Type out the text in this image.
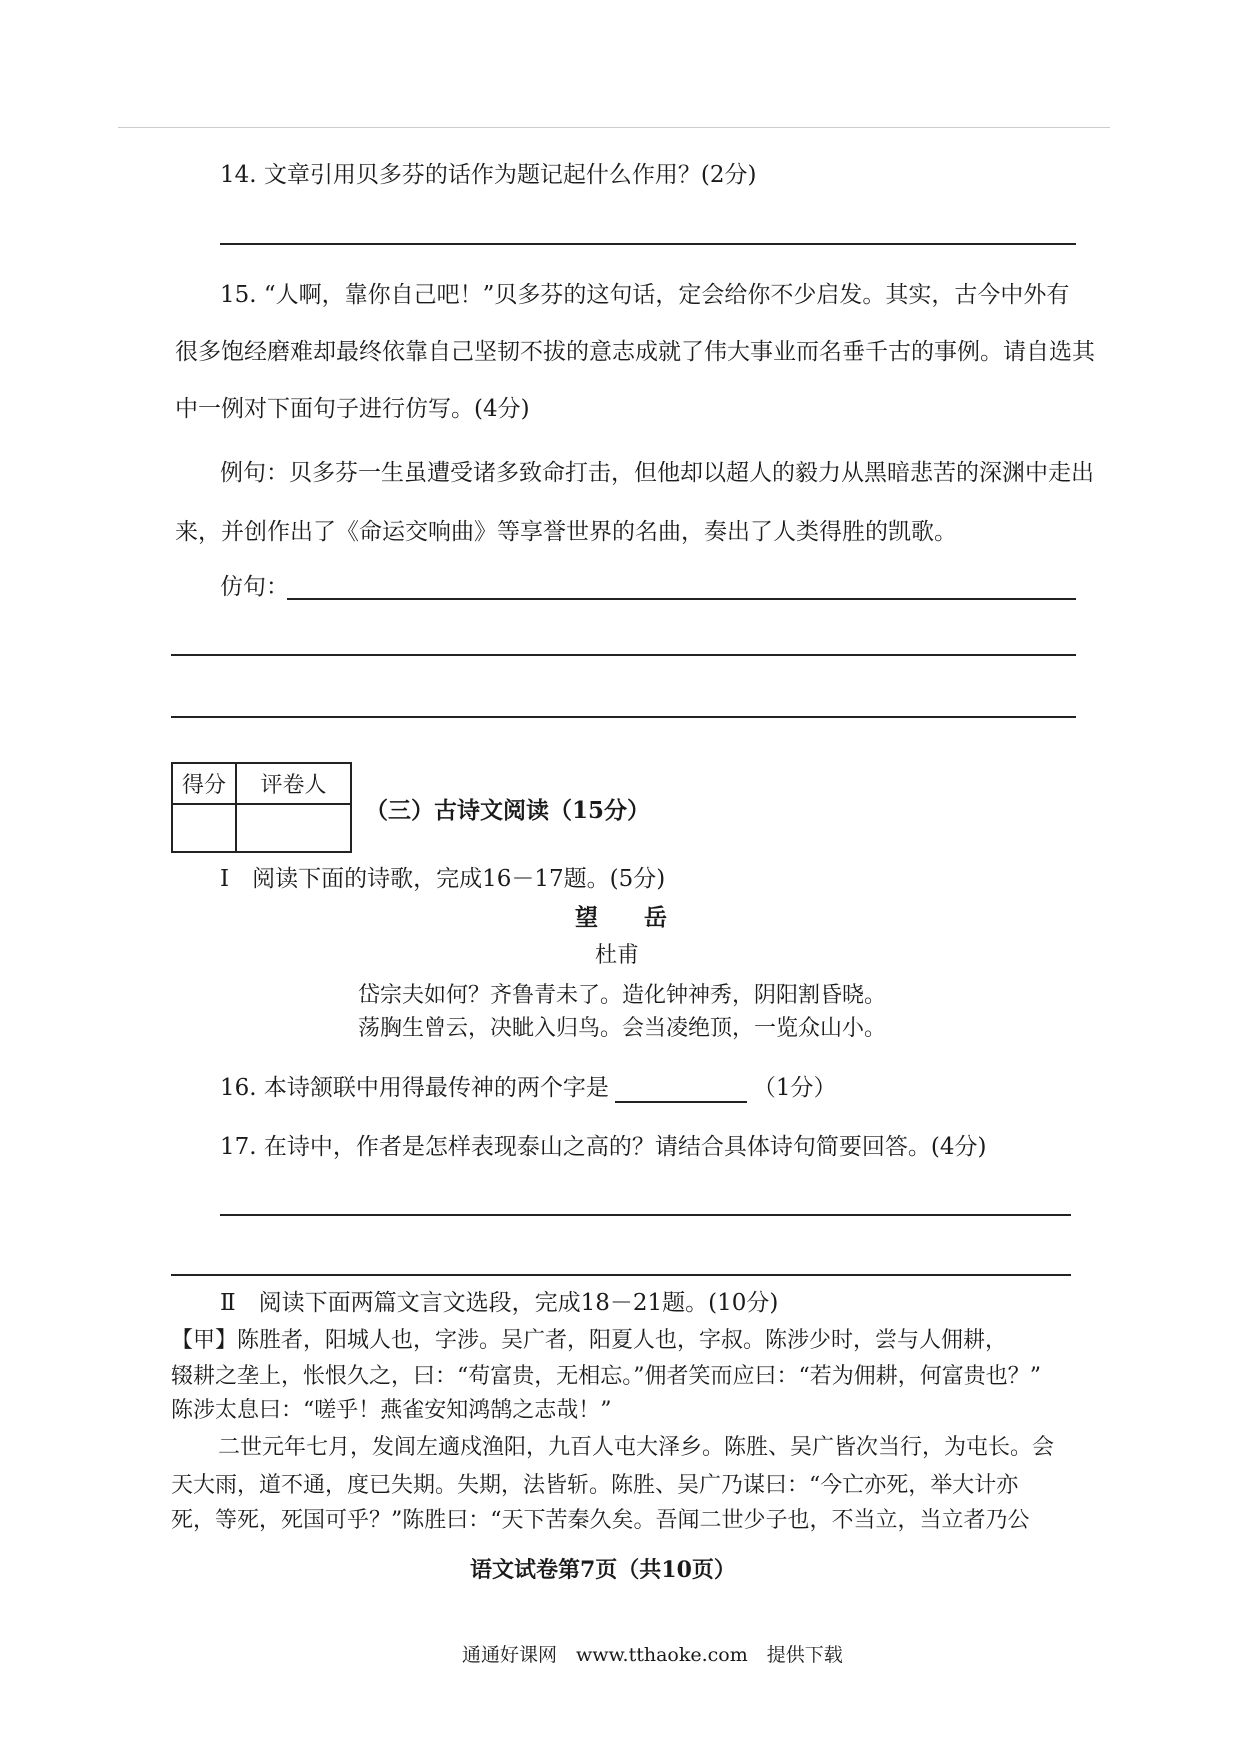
14. 文章引用贝多芬的话作为题记起什么作用？(2分)
15. “人啊，靠你自己吧！”贝多芬的这句话，定会给你不少启发。其实，古今中外有
很多饱经磨难却最终依靠自己坚韧不拔的意志成就了伟大事业而名垂千古的事例。请自选其
中一例对下面句子进行仿写。(4分)
例句：贝多芬一生虽遭受诸多致命打击，但他却以超人的毅力从黑暗悲苦的深渊中走出
来，并创作出了《命运交响曲》等享誉世界的名曲，奏出了人类得胜的凯歌。
仿句：
得分	评卷人

（三）古诗文阅读（15分）
Ⅰ　阅读下面的诗歌，完成16－17题。(5分)
望　　岳
杜甫
岱宗夫如何？齐鲁青未了。造化钟神秀，阴阳割昏晓。
荡胸生曾云，决眦入归鸟。会当凌绝顶，一览众山小。
16. 本诗颔联中用得最传神的两个字是	（1分）
17. 在诗中，作者是怎样表现泰山之高的？请结合具体诗句简要回答。(4分)
Ⅱ　阅读下面两篇文言文选段，完成18－21题。(10分)
【甲】陈胜者，阳城人也，字涉。吴广者，阳夏人也，字叔。陈涉少时，尝与人佣耕，
辍耕之垄上，怅恨久之，曰：“苟富贵，无相忘。”佣者笑而应曰：“若为佣耕，何富贵也？”
陈涉太息曰：“嗟乎！燕雀安知鸿鹄之志哉！”
二世元年七月，发闾左適戍渔阳，九百人屯大泽乡。陈胜、吴广皆次当行，为屯长。会
天大雨，道不通，度已失期。失期，法皆斩。陈胜、吴广乃谋曰：“今亡亦死，举大计亦
死，等死，死国可乎？”陈胜曰：“天下苦秦久矣。吾闻二世少子也，不当立，当立者乃公
语文试卷第7页（共10页）
通通好课网　www.tthaoke.com　提供下载
